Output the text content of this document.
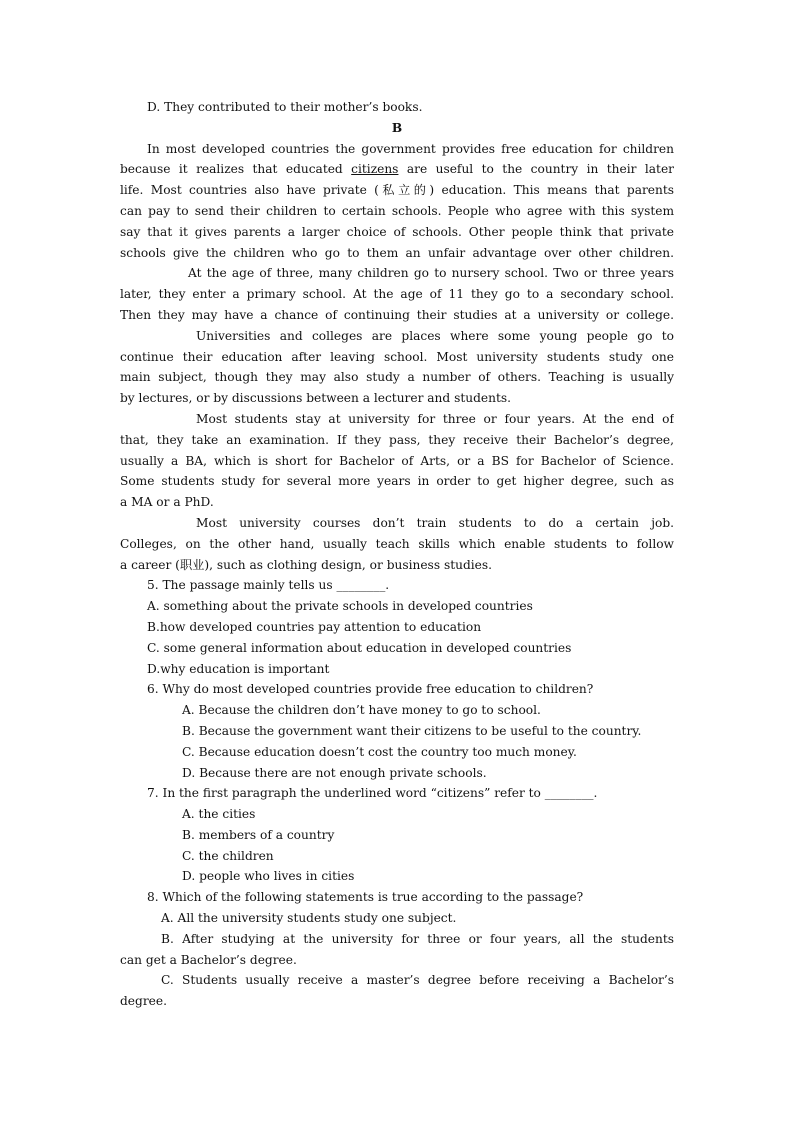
D. They contributed to their mother’s books.
B
In most developed countries the government provides free education for children
because it realizes that educated citizens are useful to the country in their later
life. Most countries also have private (私立的) education. This means that parents
can pay to send their children to certain schools. People who agree with this system
say that it gives parents a larger choice of schools. Other people think that private
schools give the children who go to them an unfair advantage over other children.
At the age of three, many children go to nursery school. Two or three years
later, they enter a primary school. At the age of 11 they go to a secondary school.
Then they may have a chance of continuing their studies at a university or college.
Universities and colleges are places where some young people go to
continue their education after leaving school. Most university students study one
main subject, though they may also study a number of others. Teaching is usually
by lectures, or by discussions between a lecturer and students.
Most students stay at university for three or four years. At the end of
that, they take an examination. If they pass, they receive their Bachelor’s degree,
usually a BA, which is short for Bachelor of Arts, or a BS for Bachelor of Science.
Some students study for several more years in order to get higher degree, such as
a MA or a PhD.
Most university courses don’t train students to do a certain job.
Colleges, on the other hand, usually teach skills which enable students to follow
a career (职业), such as clothing design, or business studies.
5. The passage mainly tells us ________.
A. something about the private schools in developed countries
B.how developed countries pay attention to education
C. some general information about education in developed countries
D.why education is important
6. Why do most developed countries provide free education to children?
A. Because the children don’t have money to go to school.
B. Because the government want their citizens to be useful to the country.
C. Because education doesn’t cost the country too much money.
D. Because there are not enough private schools.
7. In the first paragraph the underlined word “citizens” refer to ________.
A. the cities
B. members of a country
C. the children
D. people who lives in cities
8. Which of the following statements is true according to the passage?
A. All the university students study one subject.
B. After studying at the university for three or four years, all the students
can get a Bachelor’s degree.
C. Students usually receive a master’s degree before receiving a Bachelor’s
degree.
